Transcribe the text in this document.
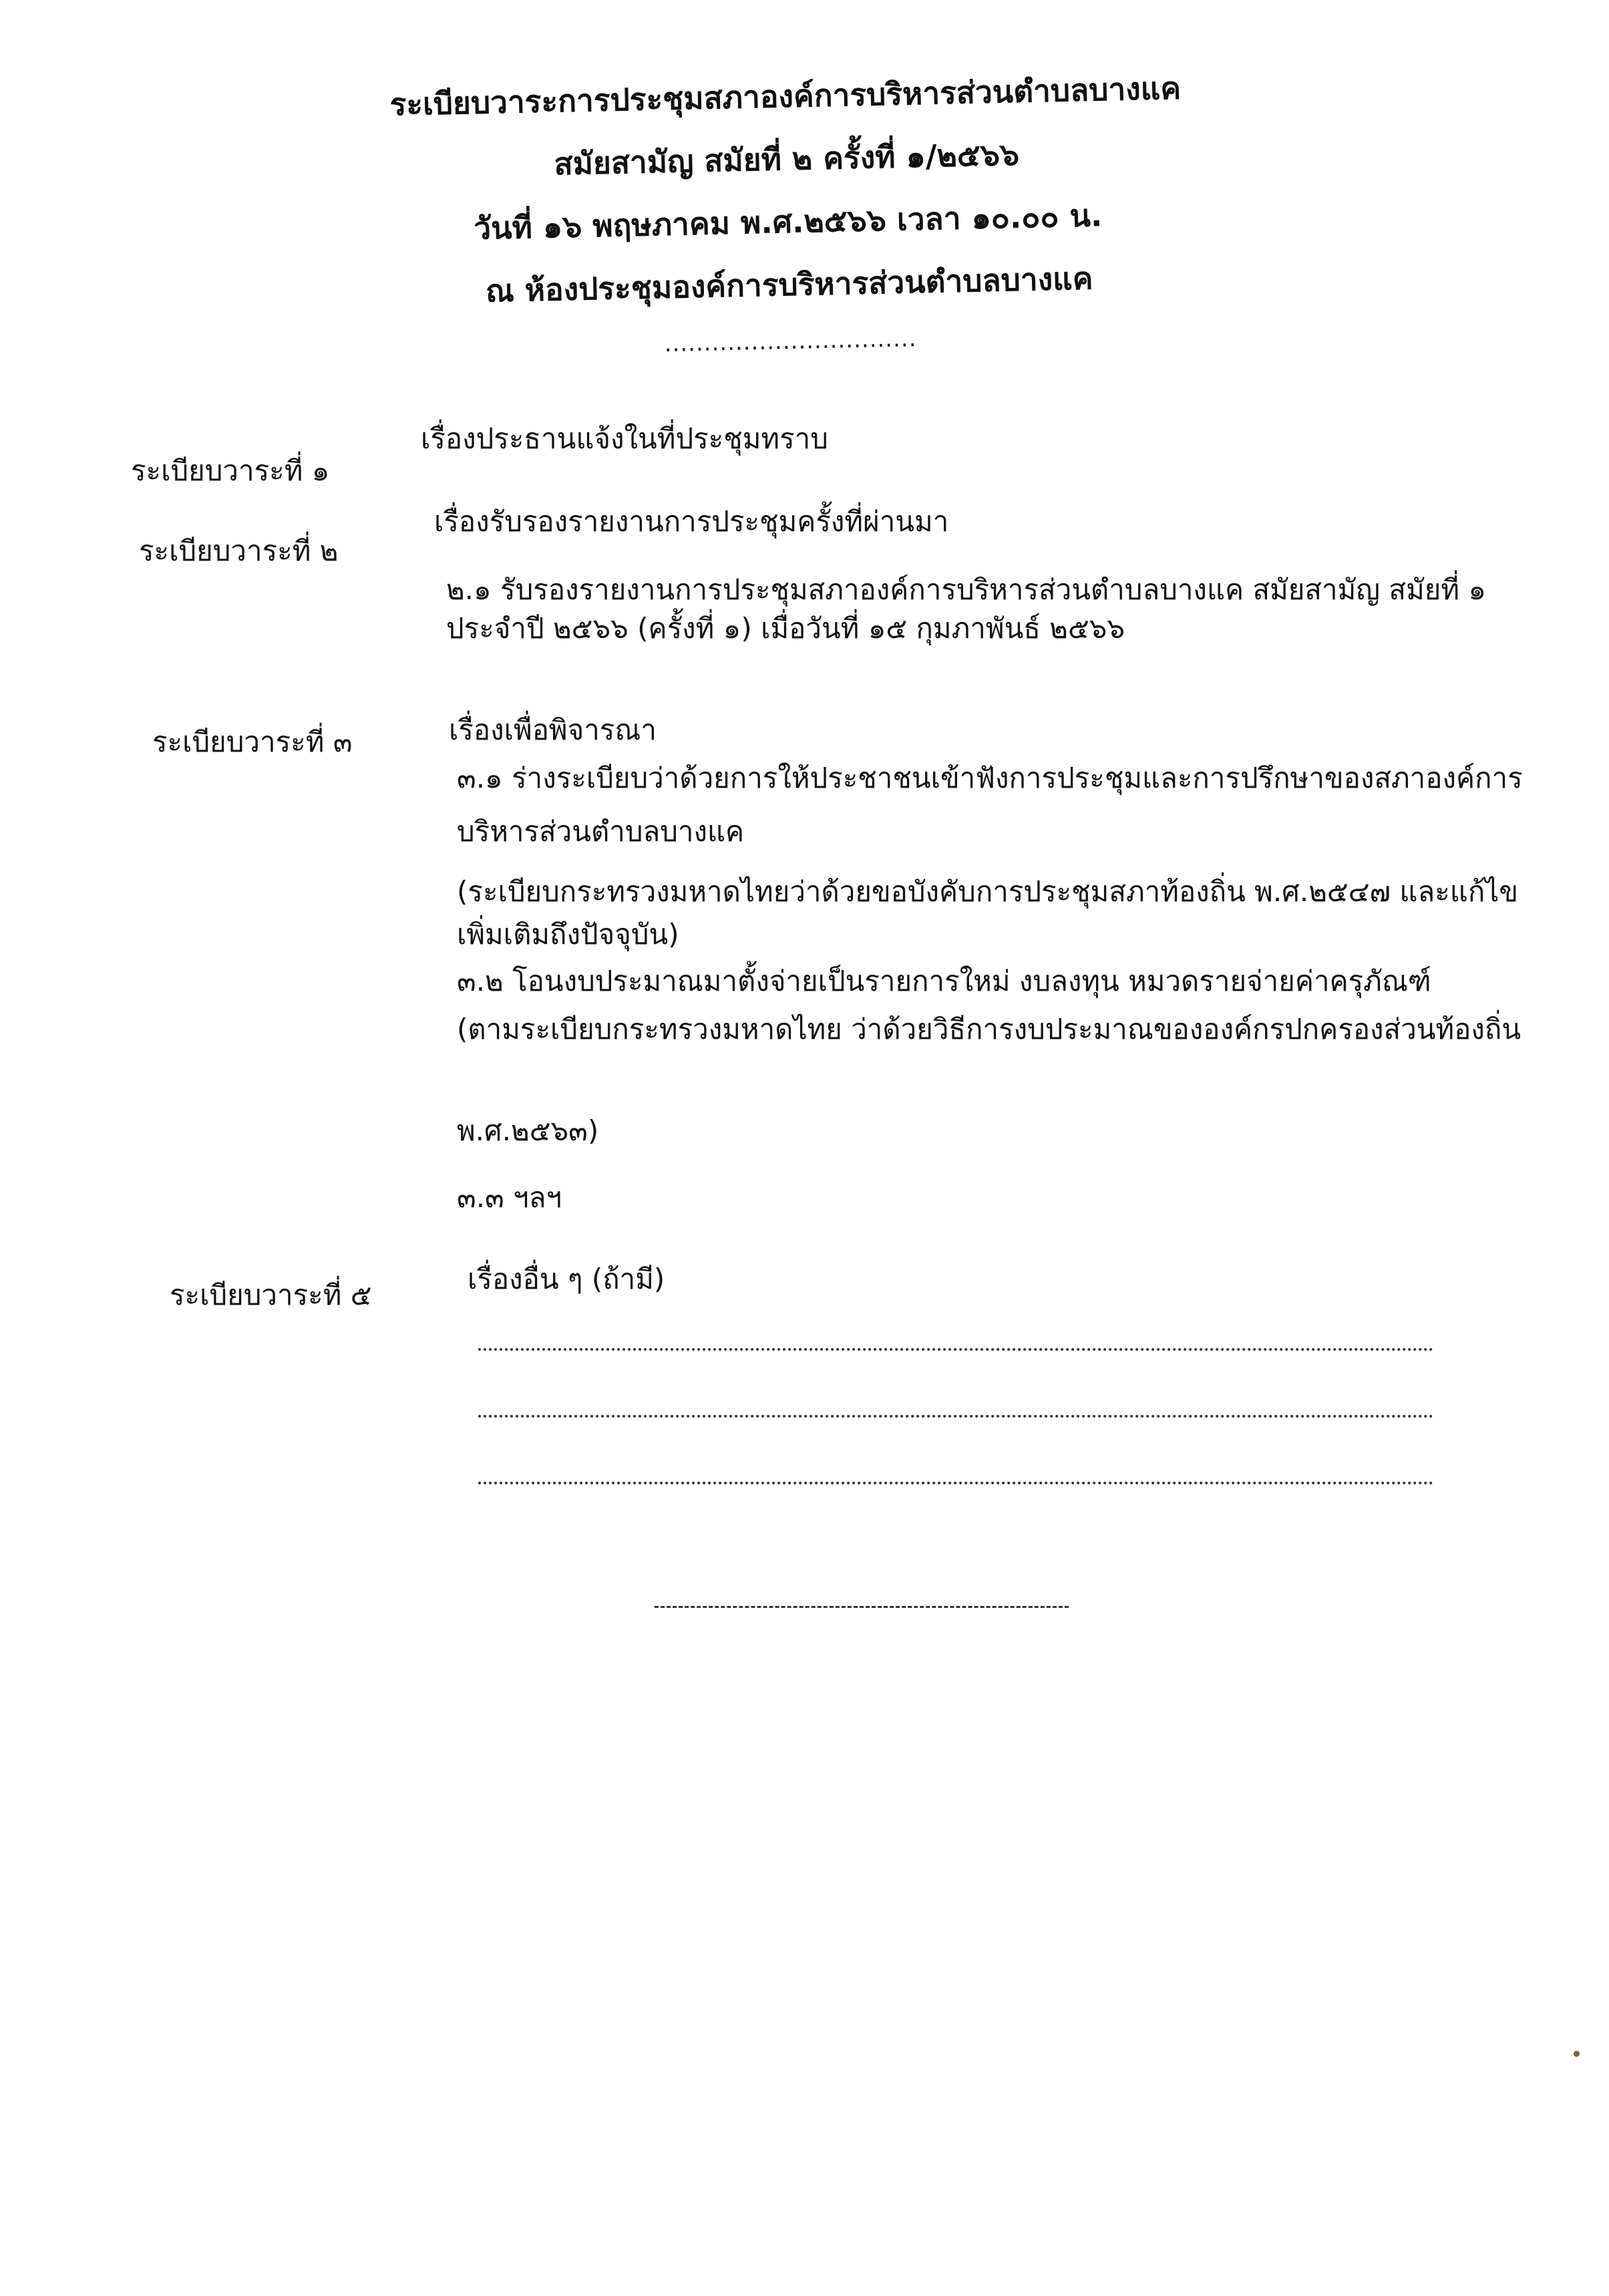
ระเบียบวาระการประชุมสภาองค์การบริหารส่วนตำบลบางแค
สมัยสามัญ สมัยที่ ๒ ครั้งที่ ๑/๒๕๖๖
วันที่ ๑๖ พฤษภาคม พ.ศ.๒๕๖๖ เวลา ๑๐.๐๐ น.
ณ ห้องประชุมองค์การบริหารส่วนตำบลบางแค
................................
ระเบียบวาระที่ ๑
เรื่องประธานแจ้งในที่ประชุมทราบ
ระเบียบวาระที่ ๒
เรื่องรับรองรายงานการประชุมครั้งที่ผ่านมา
๒.๑ รับรองรายงานการประชุมสภาองค์การบริหารส่วนตำบลบางแค สมัยสามัญ สมัยที่ ๑
ประจำปี ๒๕๖๖ (ครั้งที่ ๑) เมื่อวันที่ ๑๕ กุมภาพันธ์ ๒๕๖๖
ระเบียบวาระที่ ๓	เรื่องเพื่อพิจารณา
๓.๑ ร่างระเบียบว่าด้วยการให้ประชาชนเข้าฟังการประชุมและการปรึกษาของสภาองค์การ
บริหารส่วนตำบลบางแค
(ระเบียบกระทรวงมหาดไทยว่าด้วยขอบังคับการประชุมสภาท้องถิ่น พ.ศ.๒๕๔๗ และแก้ไข
เพิ่มเติมถึงปัจจุบัน)
๓.๒ โอนงบประมาณมาตั้งจ่ายเป็นรายการใหม่ งบลงทุน หมวดรายจ่ายค่าครุภัณฑ์
(ตามระเบียบกระทรวงมหาดไทย ว่าด้วยวิธีการงบประมาณขององค์กรปกครองส่วนท้องถิ่น
พ.ศ.๒๕๖๓)
๓.๓ ฯลฯ
ระเบียบวาระที่ ๕	เรื่องอื่น ๆ (ถ้ามี)
